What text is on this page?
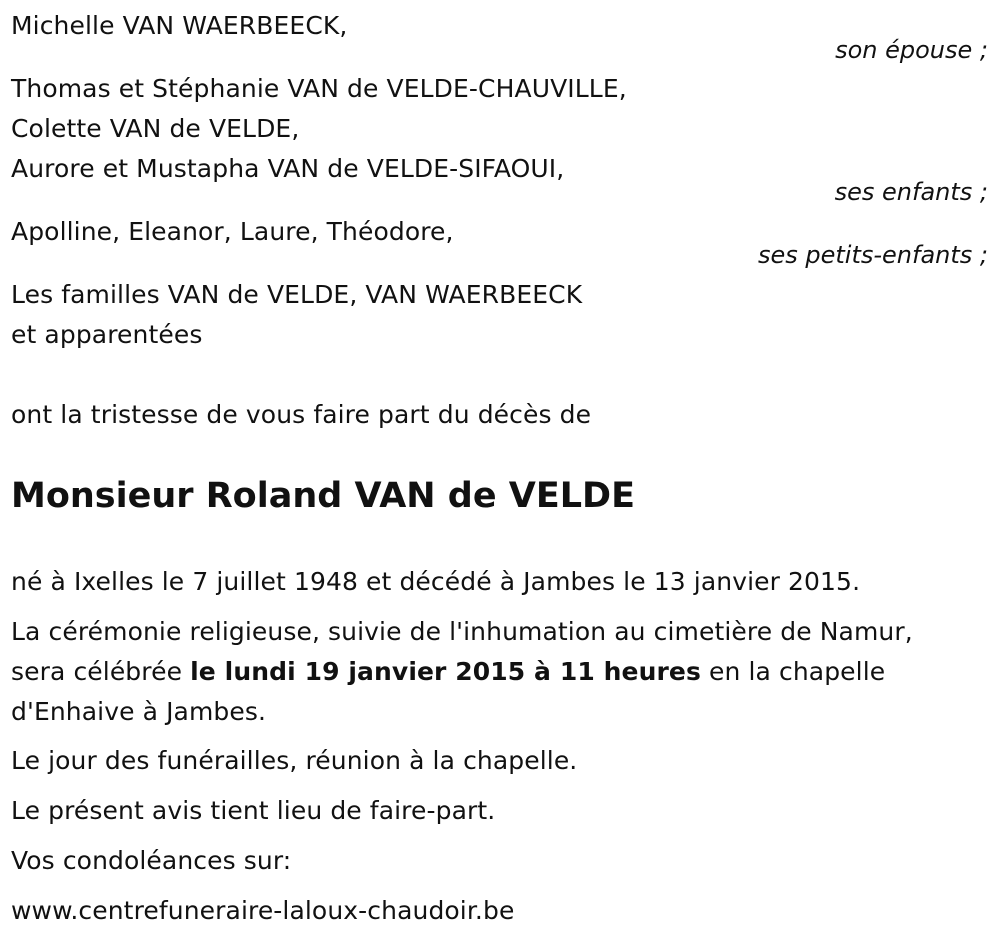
Michelle VAN WAERBEECK,
son épouse ;
Thomas et Stéphanie VAN de VELDE-CHAUVILLE,
Colette VAN de VELDE,
Aurore et Mustapha VAN de VELDE-SIFAOUI,
ses enfants ;
Apolline, Eleanor, Laure, Théodore,
ses petits-enfants ;
Les familles VAN de VELDE, VAN WAERBEECK
et apparentées
ont la tristesse de vous faire part du décès de
Monsieur Roland VAN de VELDE
né à Ixelles le 7 juillet 1948 et décédé à Jambes le 13 janvier 2015.
La cérémonie religieuse, suivie de l'inhumation au cimetière de Namur,
sera célébrée le lundi 19 janvier 2015 à 11 heures en la chapelle
d'Enhaive à Jambes.
Le jour des funérailles, réunion à la chapelle.
Le présent avis tient lieu de faire-part.
Vos condoléances sur:
www.centrefuneraire-laloux-chaudoir.be
